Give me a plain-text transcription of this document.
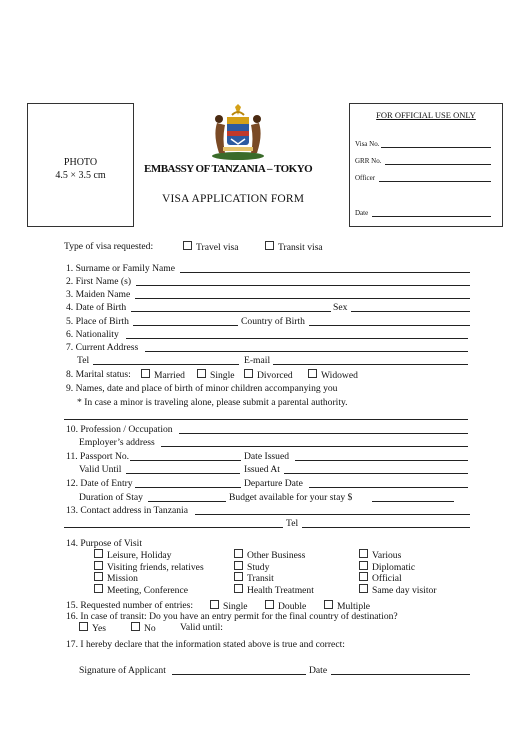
PHOTO
4.5 × 3.5 cm
EMBASSY OF TANZANIA – TOKYO
VISA APPLICATION FORM
FOR OFFICIAL USE ONLY
Visa No.
GRR No.
Officer
Date
Type of visa requested:	Travel visa	Transit visa
1. Surname or Family Name
2. First Name (s)
3. Maiden Name
4. Date of Birth	Sex
5. Place of Birth	Country of Birth
6. Nationality
7. Current Address
Tel	E-mail
8. Marital status:	Married	Single	Divorced	Widowed
9. Names, date and place of birth of minor children accompanying you
* In case a minor is traveling alone, please submit a parental authority.
10. Profession / Occupation
Employer’s address
11. Passport No.	Date Issued
Valid Until	Issued At
12. Date of Entry	Departure Date
Duration of Stay	Budget available for your stay $
13. Contact address in Tanzania
Tel
14. Purpose of Visit
Leisure, Holiday	Other Business	Various
Visiting friends, relatives	Study	Diplomatic
Mission	Transit	Official
Meeting, Conference	Health Treatment	Same day visitor
15. Requested number of entries:	Single	Double	Multiple
16. In case of transit: Do you have an entry permit for the final country of destination?
Yes	No	Valid until:
17. I hereby declare that the information stated above is true and correct:
Signature of Applicant	Date
